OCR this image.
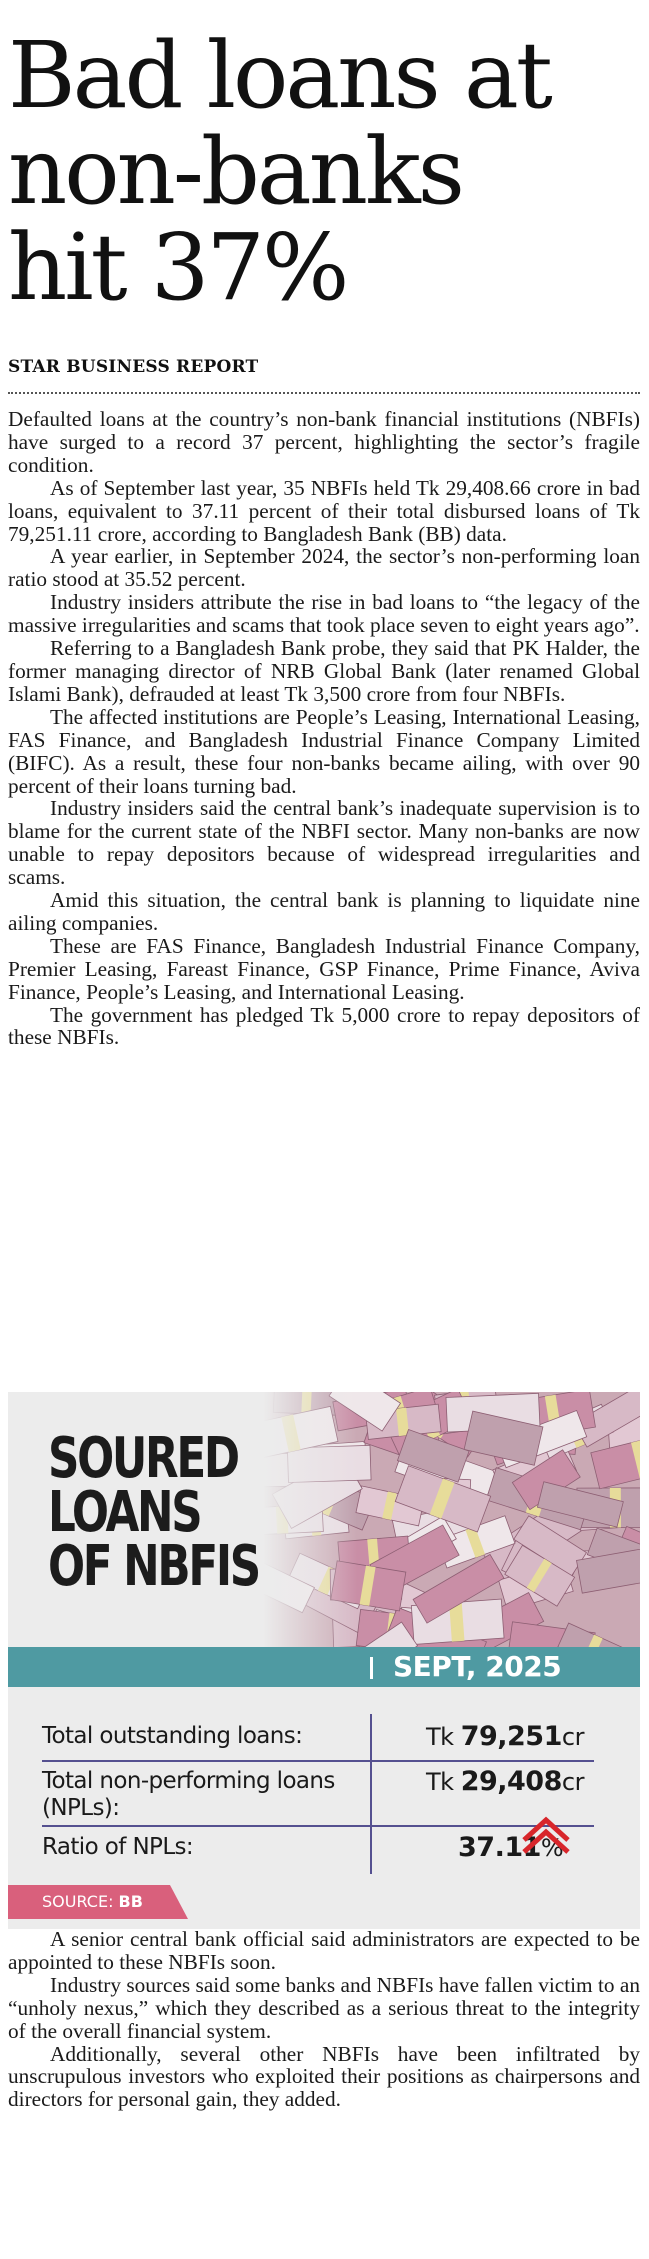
Bad loans at
non-banks
hit 37%
STAR BUSINESS REPORT

Defaulted loans at the country’s non-bank financial institutions (NBFIs) have surged to a record 37 percent, highlighting the sector’s fragile condition.

As of September last year, 35 NBFIs held Tk 29,408.66 crore in bad loans, equivalent to 37.11 percent of their total disbursed loans of Tk 79,251.11 crore, according to Bangladesh Bank (BB) data.

A year earlier, in September 2024, the sector’s non-performing loan ratio stood at 35.52 percent.

Industry insiders attribute the rise in bad loans to “the legacy of the massive irregularities and scams that took place seven to eight years ago”.

Referring to a Bangladesh Bank probe, they said that PK Halder, the former managing director of NRB Global Bank (later renamed Global Islami Bank), defrauded at least Tk 3,500 crore from four NBFIs.

The affected institutions are People’s Leasing, International Leasing, FAS Finance, and Bangladesh Industrial Finance Company Limited (BIFC). As a result, these four non-banks became ailing, with over 90 percent of their loans turning bad.

Industry insiders said the central bank’s inadequate supervision is to blame for the current state of the NBFI sector. Many non-banks are now unable to repay depositors because of widespread irregularities and scams.

Amid this situation, the central bank is planning to liquidate nine ailing companies.

These are FAS Finance, Bangladesh Industrial Finance Company, Premier Leasing, Fareast Finance, GSP Finance, Prime Finance, Aviva Finance, People’s Leasing, and International Leasing.

The government has pledged Tk 5,000 crore to repay depositors of these NBFIs.

SOURED
LOANS
OF NBFIS
SEPT, 2025
Total outstanding loans:	Tk 79,251cr
Total non-performing loans (NPLs):
Tk 29,408cr
Ratio of NPLs:	37.11%
SOURCE: BB

A senior central bank official said administrators are expected to be appointed to these NBFIs soon.

Industry sources said some banks and NBFIs have fallen victim to an “unholy nexus,” which they described as a serious threat to the integrity of the overall financial system.

Additionally, several other NBFIs have been infiltrated by unscrupulous investors who exploited their positions as chairpersons and directors for personal gain, they added.
